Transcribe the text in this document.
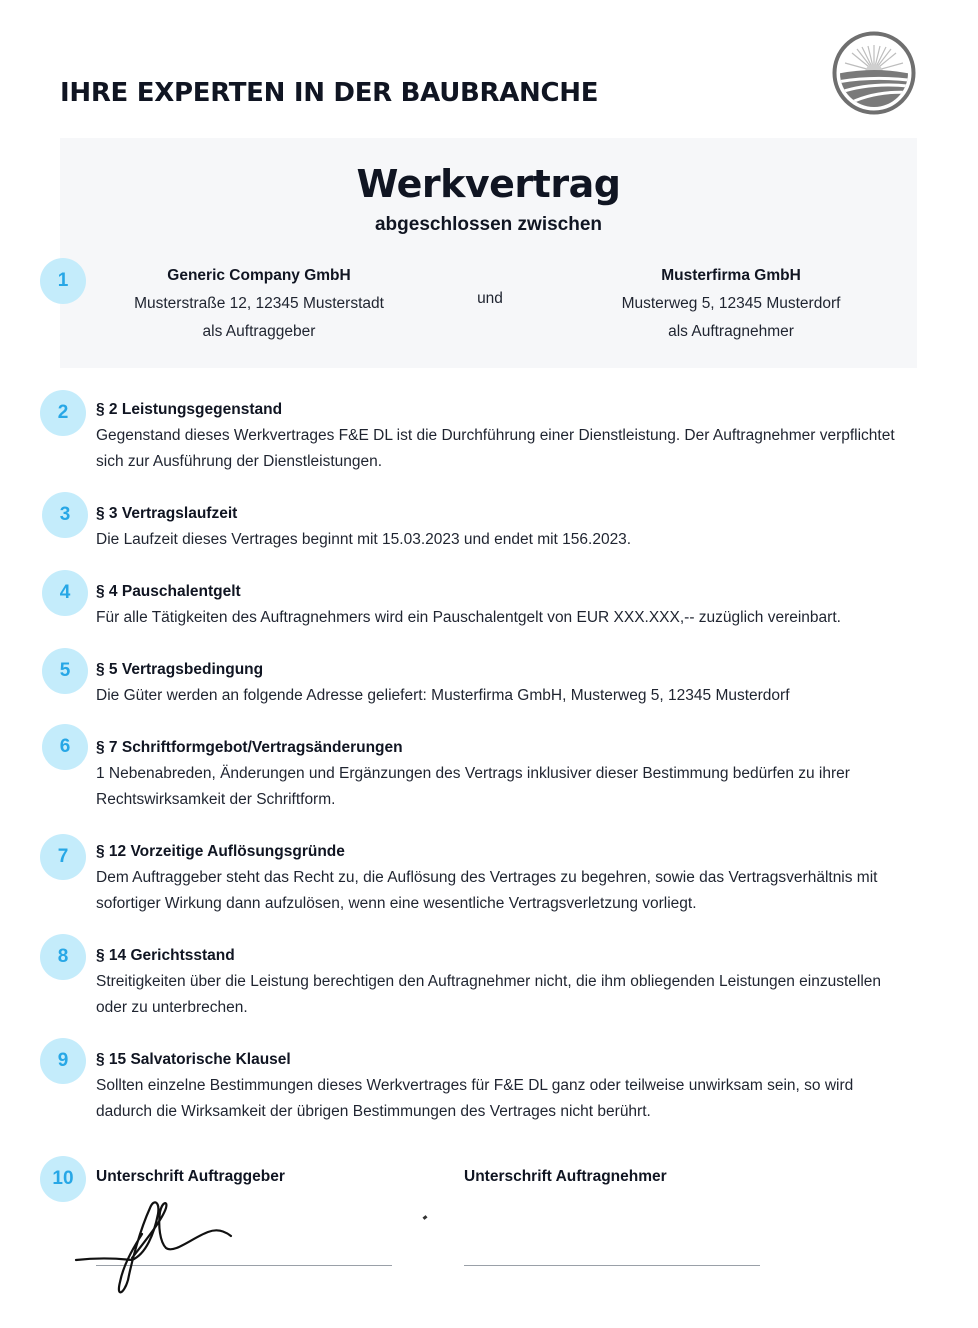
IHRE EXPERTEN IN DER BAUBRANCHE
Werkvertrag
abgeschlossen zwischen
Generic Company GmbH
Musterstraße 12, 12345 Musterstadt
als Auftraggeber
und
Musterfirma GmbH
Musterweg 5, 12345 Musterdorf
als Auftragnehmer
1
2
3
4
5
6
7
8
9
10
§ 2 Leistungsgegenstand
Gegenstand dieses Werkvertrages F&E DL ist die Durchführung einer Dienstleistung. Der Auftragnehmer verpflichtet sich zur Ausführung der Dienstleistungen.
§ 3 Vertragslaufzeit
Die Laufzeit dieses Vertrages beginnt mit 15.03.2023 und endet mit 156.2023.
§ 4 Pauschalentgelt
Für alle Tätigkeiten des Auftragnehmers wird ein Pauschalentgelt von EUR XXX.XXX,-- zuzüglich vereinbart.
§ 5 Vertragsbedingung
Die Güter werden an folgende Adresse geliefert: Musterfirma GmbH, Musterweg 5, 12345 Musterdorf
§ 7 Schriftformgebot/Vertragsänderungen
1 Nebenabreden, Änderungen und Ergänzungen des Vertrags inklusiver dieser Bestimmung bedürfen zu ihrer Rechtswirksamkeit der Schriftform.
§ 12 Vorzeitige Auflösungsgründe
Dem Auftraggeber steht das Recht zu, die Auflösung des Vertrages zu begehren, sowie das Vertragsverhältnis mit sofortiger Wirkung dann aufzulösen, wenn eine wesentliche Vertragsverletzung vorliegt.
§ 14 Gerichtsstand
Streitigkeiten über die Leistung berechtigen den Auftragnehmer nicht, die ihm obliegenden Leistungen einzustellen oder zu unterbrechen.
§ 15 Salvatorische Klausel
Sollten einzelne Bestimmungen dieses Werkvertrages für F&E DL ganz oder teilweise unwirksam sein, so wird dadurch die Wirksamkeit der übrigen Bestimmungen des Vertrages nicht berührt.
Unterschrift Auftraggeber	Unterschrift Auftragnehmer
